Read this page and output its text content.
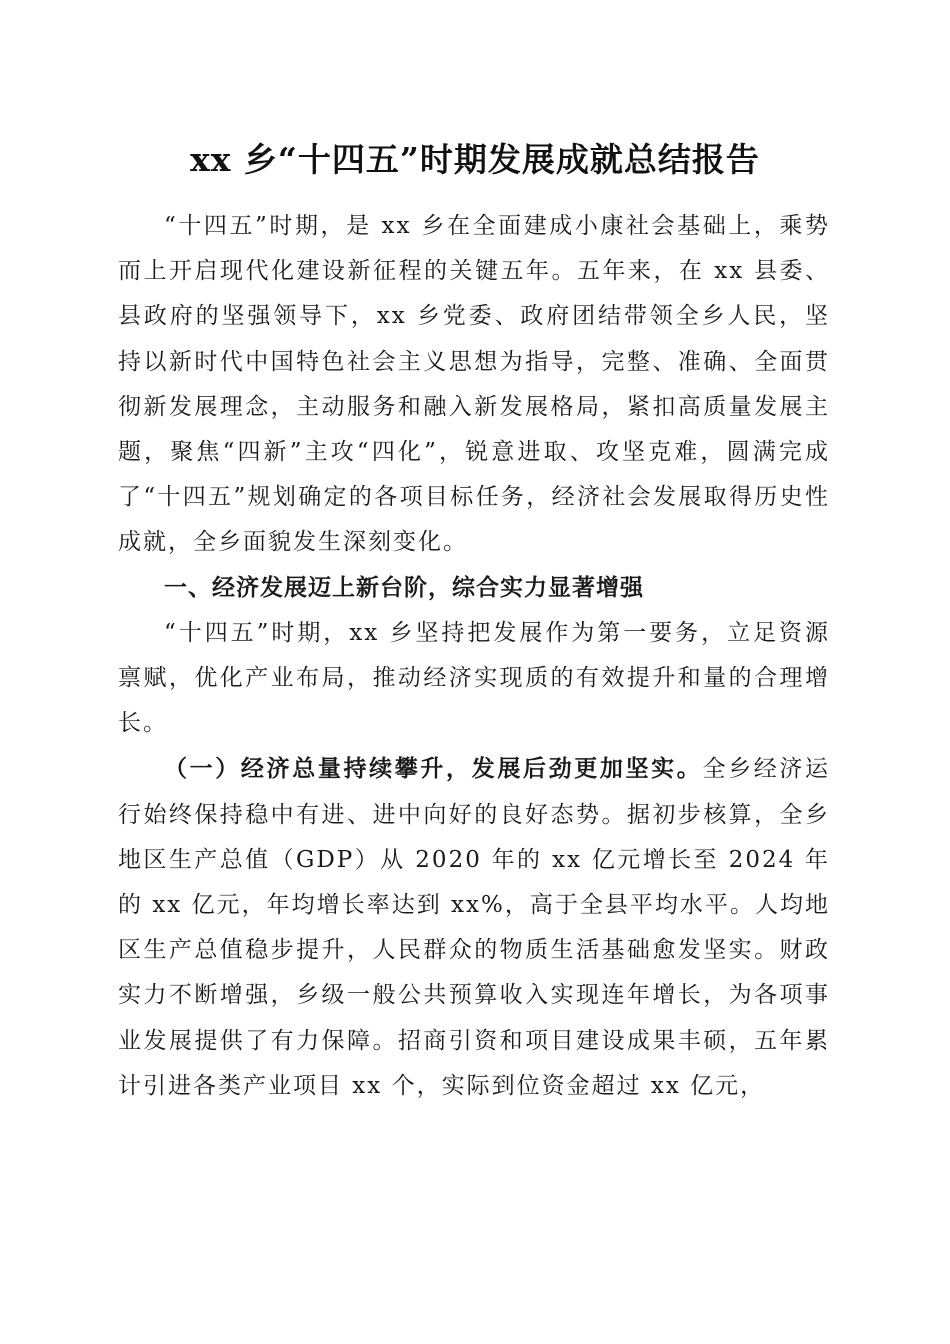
xx 乡“十四五”时期发展成就总结报告

“十四五”时期，是 xx 乡在全面建成小康社会基础上，乘势而上开启现代化建设新征程的关键五年。五年来，在 xx 县委、县政府的坚强领导下，xx 乡党委、政府团结带领全乡人民，坚持以新时代中国特色社会主义思想为指导，完整、准确、全面贯彻新发展理念，主动服务和融入新发展格局，紧扣高质量发展主题，聚焦“四新”主攻“四化”，锐意进取、攻坚克难，圆满完成了“十四五”规划确定的各项目标任务，经济社会发展取得历史性成就，全乡面貌发生深刻变化。

一、经济发展迈上新台阶，综合实力显著增强

“十四五”时期，xx 乡坚持把发展作为第一要务，立足资源禀赋，优化产业布局，推动经济实现质的有效提升和量的合理增长。

（一）经济总量持续攀升，发展后劲更加坚实。全乡经济运行始终保持稳中有进、进中向好的良好态势。据初步核算，全乡地区生产总值（GDP）从 2020 年的 xx 亿元增长至 2024 年的 xx 亿元，年均增长率达到 xx%，高于全县平均水平。人均地区生产总值稳步提升，人民群众的物质生活基础愈发坚实。财政实力不断增强，乡级一般公共预算收入实现连年增长，为各项事业发展提供了有力保障。招商引资和项目建设成果丰硕，五年累计引进各类产业项目 xx 个，实际到位资金超过 xx 亿元，
